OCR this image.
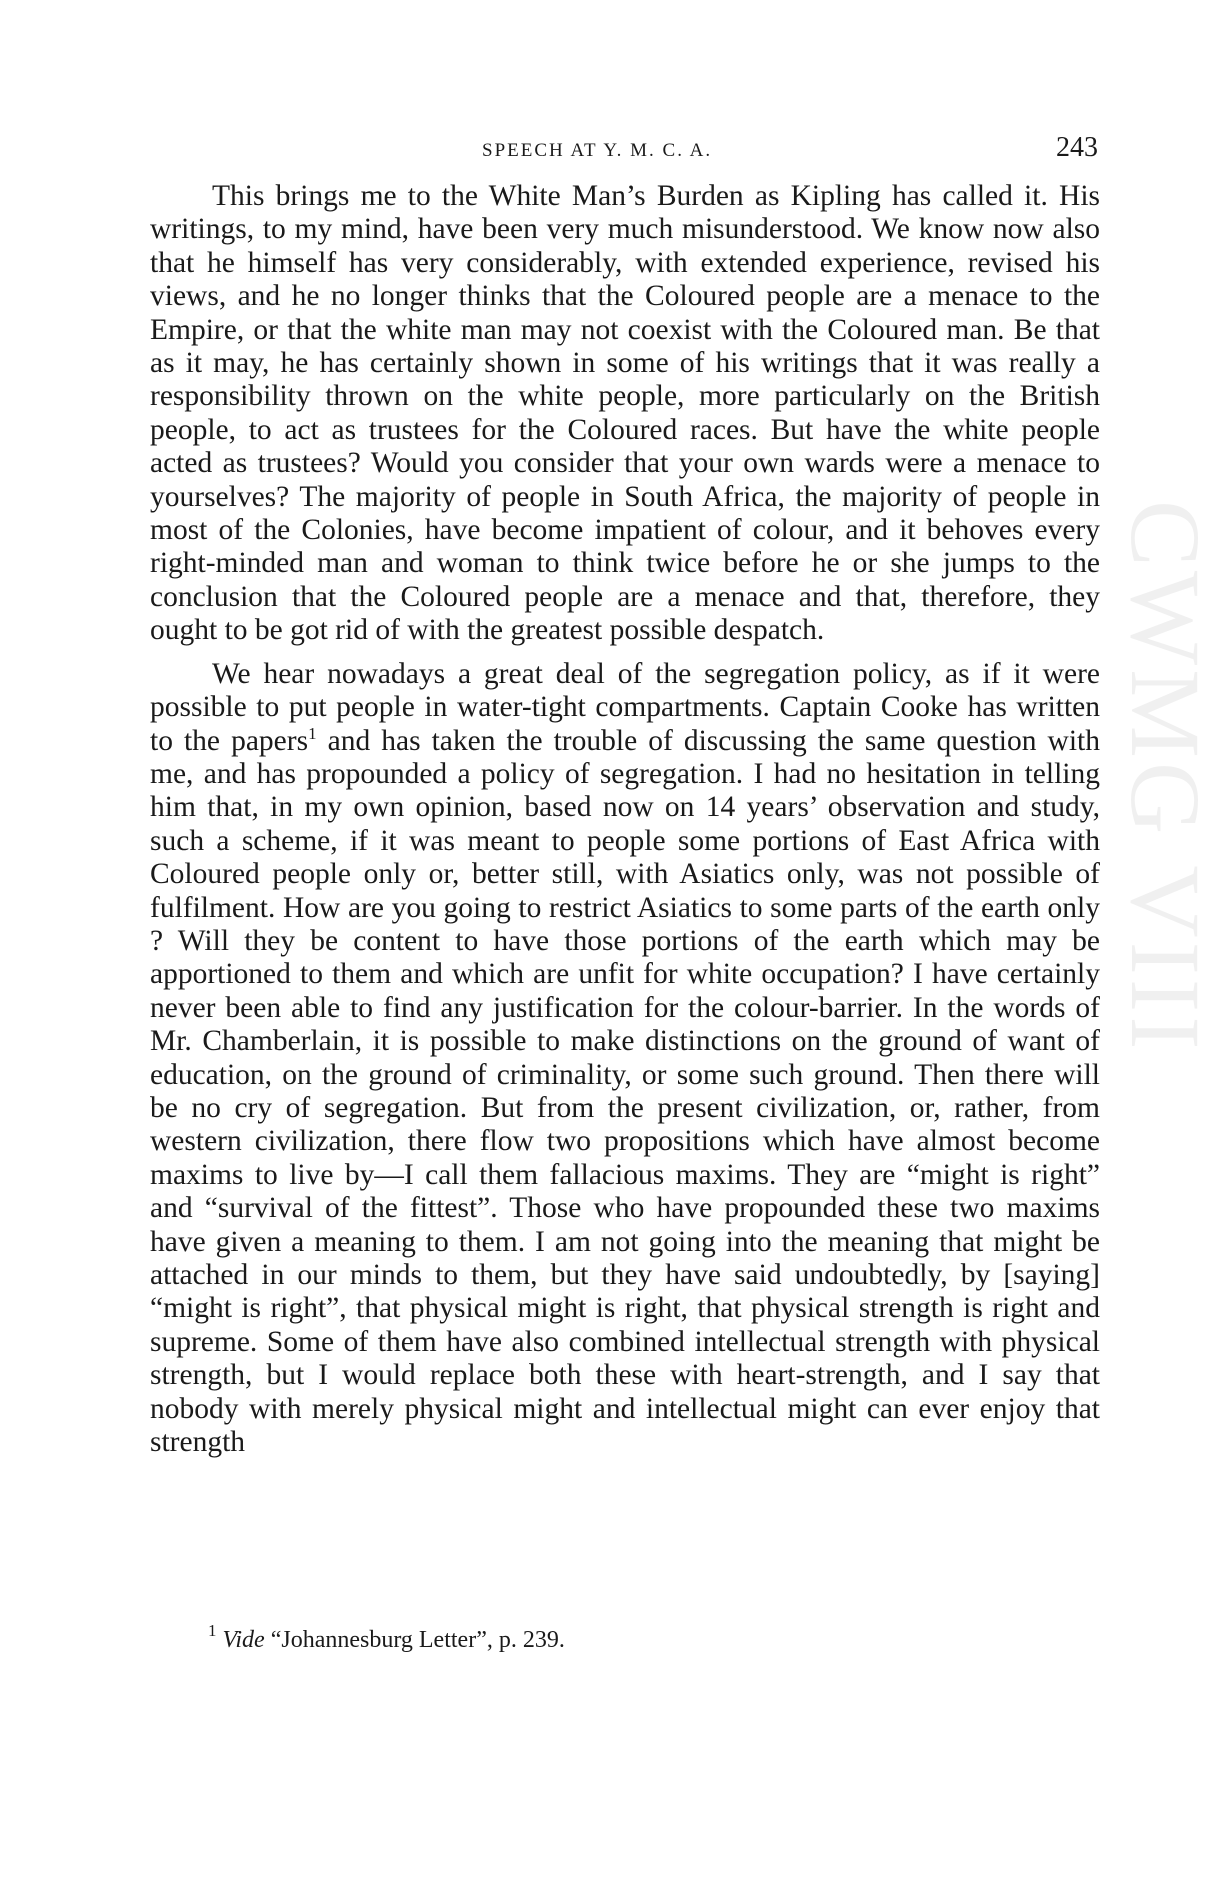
CWMG VIII
SPEECH AT Y. M. C. A.	243

This brings me to the White Man’s Burden as Kipling has called it. His writings, to my mind, have been very much misunderstood. We know now also that he himself has very considerably, with extended experience, revised his views, and he no longer thinks that the Coloured people are a menace to the Empire, or that the white man may not coexist with the Coloured man. Be that as it may, he has certainly shown in some of his writings that it was really a responsibility thrown on the white people, more particularly on the British people, to act as trustees for the Coloured races. But have the white people acted as trustees? Would you consider that your own wards were a menace to yourselves? The majority of people in South Africa, the majority of people in most of the Colonies, have become impatient of colour, and it behoves every right-minded man and woman to think twice before he or she jumps to the conclusion that the Coloured people are a menace and that, therefore, they ought to be got rid of with the greatest possible despatch.

We hear nowadays a great deal of the segregation policy, as if it were possible to put people in water-tight compartments. Captain Cooke has written to the papers$^1$ and has taken the trouble of discussing the same question with me, and has propounded a policy of segregation. I had no hesitation in telling him that, in my own opinion, based now on 14 years’ observation and study, such a scheme, if it was meant to people some portions of East Africa with Coloured people only or, better still, with Asiatics only, was not possible of fulfilment. How are you going to restrict Asiatics to some parts of the earth only ? Will they be content to have those portions of the earth which may be apportioned to them and which are unfit for white occupation? I have certainly never been able to find any justification for the colour-barrier. In the words of Mr. Chamberlain, it is possible to make distinctions on the ground of want of education, on the ground of criminality, or some such ground. Then there will be no cry of segregation. But from the present civilization, or, rather, from western civilization, there flow two propositions which have almost become maxims to live by—I call them fallacious maxims. They are “might is right” and “survival of the fittest”. Those who have propounded these two maxims have given a meaning to them. I am not going into the meaning that might be attached in our minds to them, but they have said undoubtedly, by [saying] “might is right”, that physical might is right, that physical strength is right and supreme. Some of them have also combined intellectual strength with physical strength, but I would replace both these with heart-strength, and I say that nobody with merely physical might and intellectual might can ever enjoy that strength

$^1$ Vide “Johannesburg Letter”, p. 239.
